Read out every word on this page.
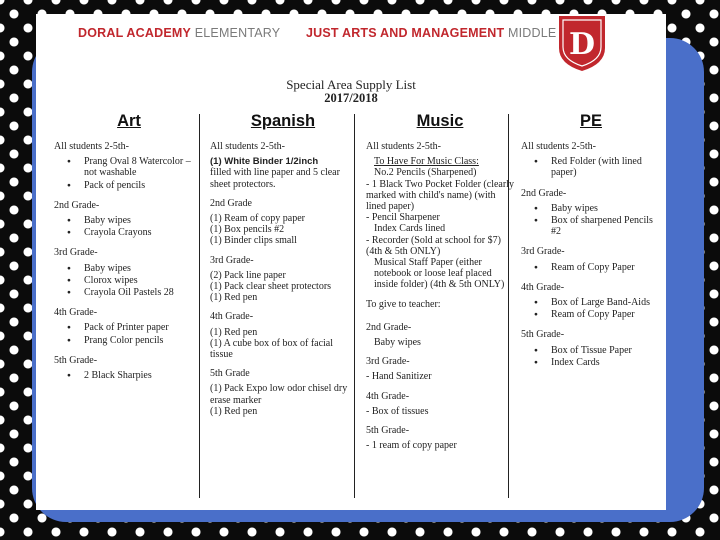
DORAL ACADEMY ELEMENTARY JUST ARTS AND MANAGEMENT MIDDLE
Special Area Supply List
2017/2018
Art

All students 2-5th-

● Prang Oval 8 Watercolor – not washable

● Pack of pencils

2nd Grade-

● Baby wipes

● Crayola Crayons

3rd Grade-

● Baby wipes

● Clorox wipes

● Crayola Oil Pastels 28

4th Grade-

● Pack of Printer paper

● Prang Color pencils

5th Grade-

● 2 Black Sharpies

Spanish

All students 2-5th-

(1) White Binder 1/2inch

filled with line paper and 5 clear sheet protectors.

2nd Grade

(1) Ream of copy paper

(1) Box pencils #2

(1) Binder clips small

3rd Grade-

(2) Pack line paper

(1) Pack clear sheet protectors

(1) Red pen

4th Grade-

(1) Red pen

(1) A cube box of box of facial tissue

5th Grade

(1) Pack Expo low odor chisel dry erase marker

(1) Red pen

Music

All students 2-5th-

To Have For Music Class:

No.2 Pencils (Sharpened)

- 1 Black Two Pocket Folder (clearly marked with child's name) (with lined paper)

- Pencil Sharpener

Index Cards lined

- Recorder (Sold at school for $7) (4th & 5th ONLY)

Musical Staff Paper (either notebook or loose leaf placed inside folder) (4th & 5th ONLY)

To give to teacher:

2nd Grade-

Baby wipes

3rd Grade-

- Hand Sanitizer

4th Grade-

- Box of tissues

5th Grade-

- 1 ream of copy paper

PE

All students 2-5th-

● Red Folder (with lined paper)

2nd Grade-

● Baby wipes

● Box of sharpened Pencils #2

3rd Grade-

● Ream of Copy Paper

4th Grade-

● Box of Large Band-Aids

● Ream of Copy Paper

5th Grade-

● Box of Tissue Paper

● Index Cards

D
